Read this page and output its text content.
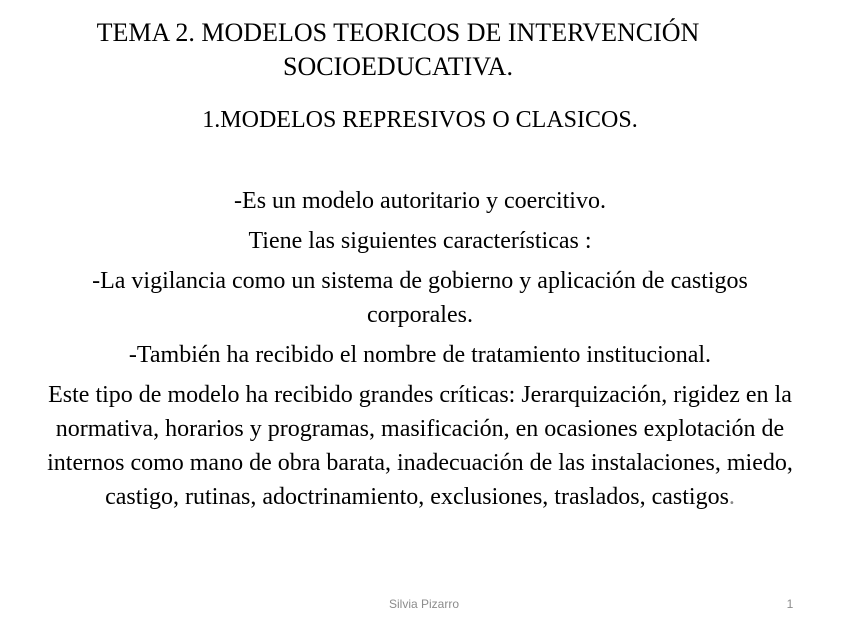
TEMA 2. MODELOS TEORICOS DE INTERVENCIÓN
SOCIOEDUCATIVA.
1.MODELOS REPRESIVOS O CLASICOS.

-Es un modelo autoritario y coercitivo.

Tiene las siguientes características :

-La vigilancia como un sistema de gobierno y aplicación de castigos corporales.

-También ha recibido el nombre de tratamiento institucional.

Este tipo de modelo ha recibido grandes críticas: Jerarquización, rigidez en la normativa, horarios y programas, masificación, en ocasiones explotación de internos como mano de obra barata, inadecuación de las instalaciones, miedo, castigo, rutinas, adoctrinamiento, exclusiones, traslados, castigos.

Silvia Pizarro	1
